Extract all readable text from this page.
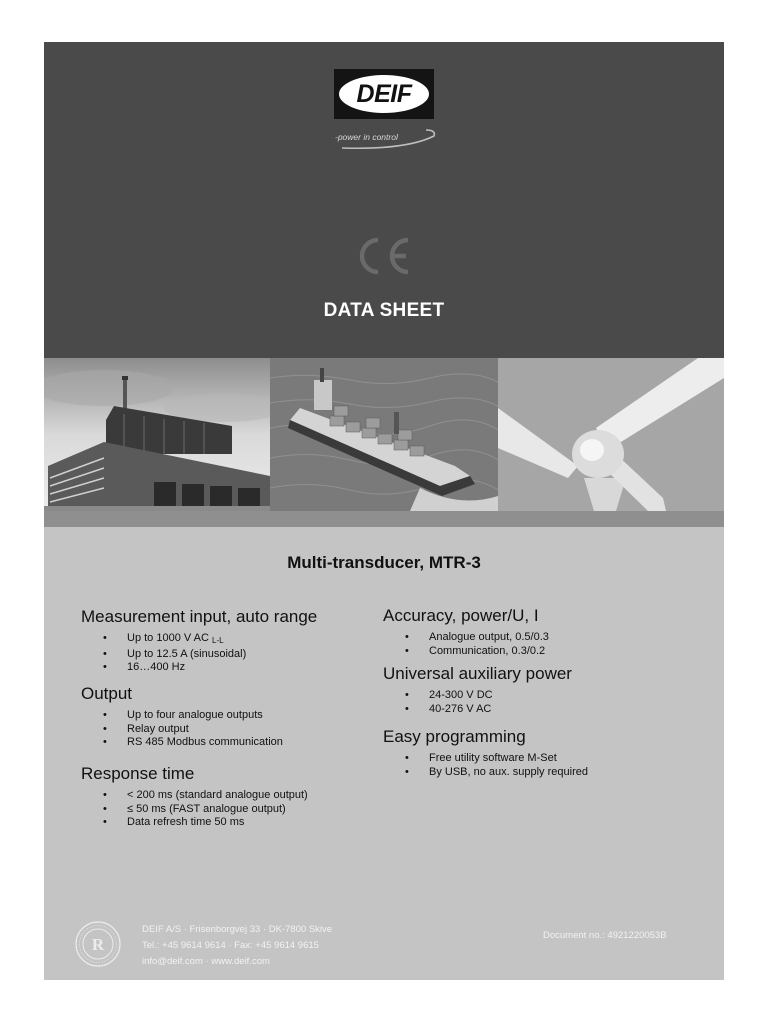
DEIF
-power in control
DATA SHEET
Multi-transducer, MTR-3
Measurement input, auto range
• Up to 1000 V AC $_{L-L}$
• Up to 12.5 A (sinusoidal)
• 16…400 Hz
Output
• Up to four analogue outputs
• Relay output
• RS 485 Modbus communication
Response time
• < 200 ms (standard analogue output)
• ≤ 50 ms (FAST analogue output)
• Data refresh time 50 ms
Accuracy, power/U, I
• Analogue output, 0.5/0.3
• Communication, 0.3/0.2
Universal auxiliary power
• 24-300 V DC
• 40-276 V AC
Easy programming
• Free utility software M-Set
• By USB, no aux. supply required
R
DEIF A/S · Frisenborgvej 33 · DK-7800 Skive
Tel.: +45 9614 9614 · Fax: +45 9614 9615
info@deif.com · www.deif.com
Document no.: 4921220053B
